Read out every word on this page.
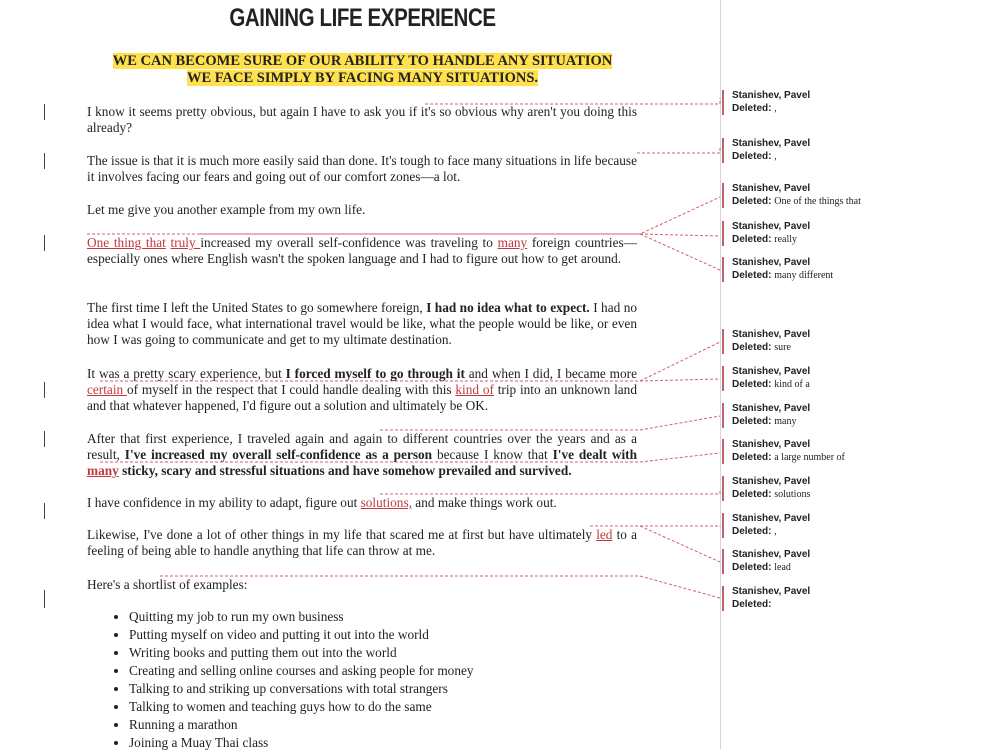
GAINING LIFE EXPERIENCE
WE CAN BECOME SURE OF OUR ABILITY TO HANDLE ANY SITUATION
WE FACE SIMPLY BY FACING MANY SITUATIONS.
I know it seems pretty obvious, but again I have to ask you if it's so obvious why aren't you doing this already?
The issue is that it is much more easily said than done. It's tough to face many situations in life because it involves facing our fears and going out of our comfort zones—a lot.
Let me give you another example from my own life.
One thing that truly increased my overall self-confidence was traveling to many foreign countries—especially ones where English wasn't the spoken language and I had to figure out how to get around.
The first time I left the United States to go somewhere foreign, I had no idea what to expect. I had no idea what I would face, what international travel would be like, what the people would be like, or even how I was going to communicate and get to my ultimate destination.
It was a pretty scary experience, but I forced myself to go through it and when I did, I became more certain of myself in the respect that I could handle dealing with this kind of trip into an unknown land and that whatever happened, I'd figure out a solution and ultimately be OK.
After that first experience, I traveled again and again to different countries over the years and as a result, I've increased my overall self-confidence as a person because I know that I've dealt with many sticky, scary and stressful situations and have somehow prevailed and survived.
I have confidence in my ability to adapt, figure out solutions, and make things work out.
Likewise, I've done a lot of other things in my life that scared me at first but have ultimately led to a feeling of being able to handle anything that life can throw at me.
Here's a shortlist of examples:
• Quitting my job to run my own business
• Putting myself on video and putting it out into the world
• Writing books and putting them out into the world
• Creating and selling online courses and asking people for money
• Talking to and striking up conversations with total strangers
• Talking to women and teaching guys how to do the same
• Running a marathon
• Joining a Muay Thai class
Stanishev, Pavel
Deleted: ,
Stanishev, Pavel
Deleted: ,
Stanishev, Pavel
Deleted: One of the things that
Stanishev, Pavel
Deleted: really
Stanishev, Pavel
Deleted: many different
Stanishev, Pavel
Deleted: sure
Stanishev, Pavel
Deleted: kind of a
Stanishev, Pavel
Deleted: many
Stanishev, Pavel
Deleted: a large number of
Stanishev, Pavel
Deleted: solutions
Stanishev, Pavel
Deleted: ,
Stanishev, Pavel
Deleted: lead
Stanishev, Pavel
Deleted:
